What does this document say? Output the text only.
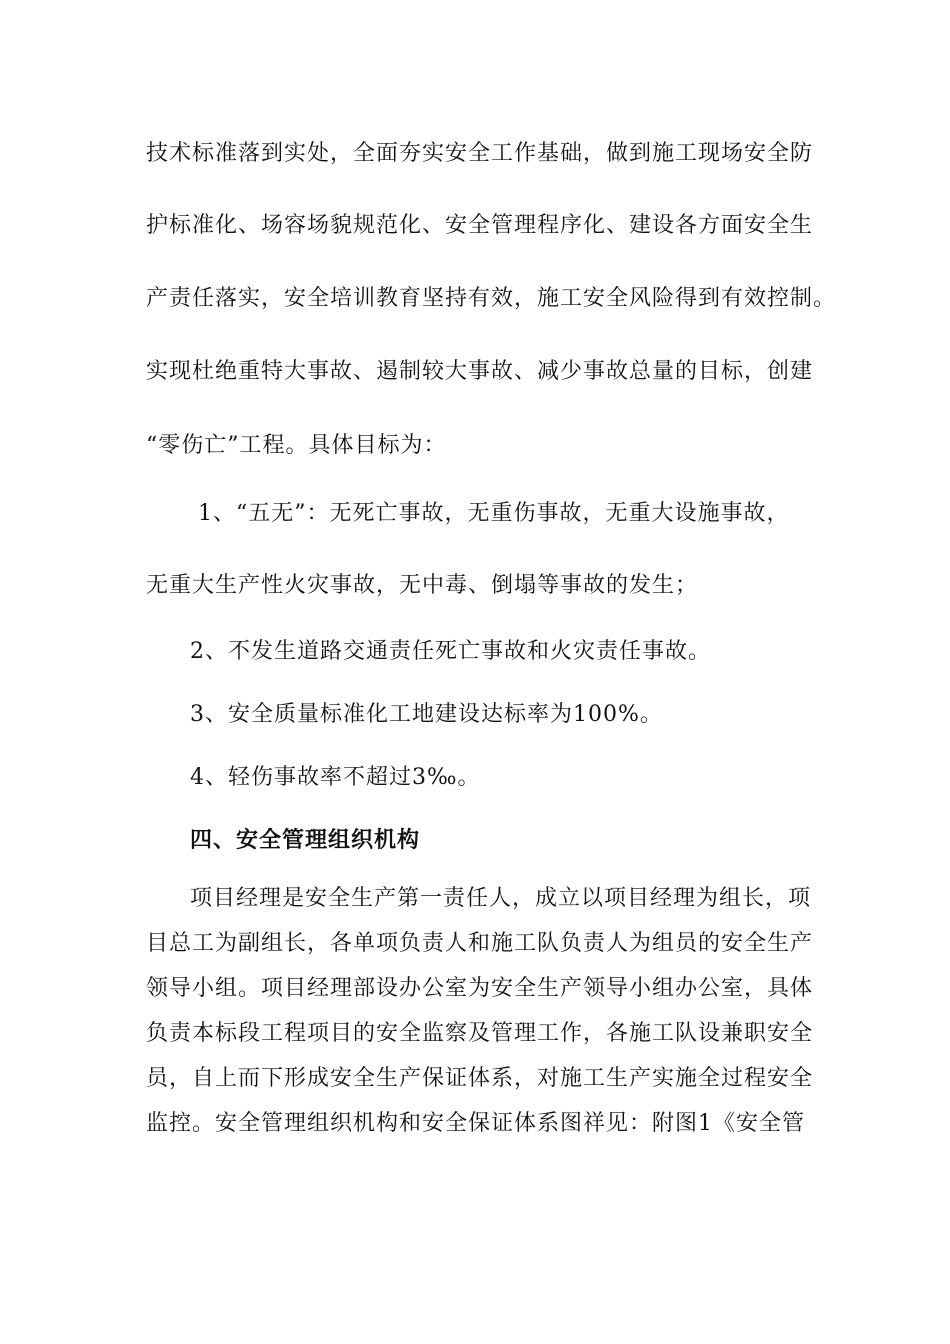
技术标准落到实处，全面夯实安全工作基础，做到施工现场安全防
护标准化、场容场貌规范化、安全管理程序化、建设各方面安全生
产责任落实，安全培训教育坚持有效，施工安全风险得到有效控制。
实现杜绝重特大事故、遏制较大事故、减少事故总量的目标，创建
“零伤亡”工程。具体目标为：
1、“五无”：无死亡事故，无重伤事故，无重大设施事故，
无重大生产性火灾事故，无中毒、倒塌等事故的发生；
2、不发生道路交通责任死亡事故和火灾责任事故。
3、安全质量标准化工地建设达标率为100%。
4、轻伤事故率不超过3‰。
四、安全管理组织机构
项目经理是安全生产第一责任人，成立以项目经理为组长，项
目总工为副组长，各单项负责人和施工队负责人为组员的安全生产
领导小组。项目经理部设办公室为安全生产领导小组办公室，具体
负责本标段工程项目的安全监察及管理工作，各施工队设兼职安全
员，自上而下形成安全生产保证体系，对施工生产实施全过程安全
监控。安全管理组织机构和安全保证体系图祥见：附图1《安全管
